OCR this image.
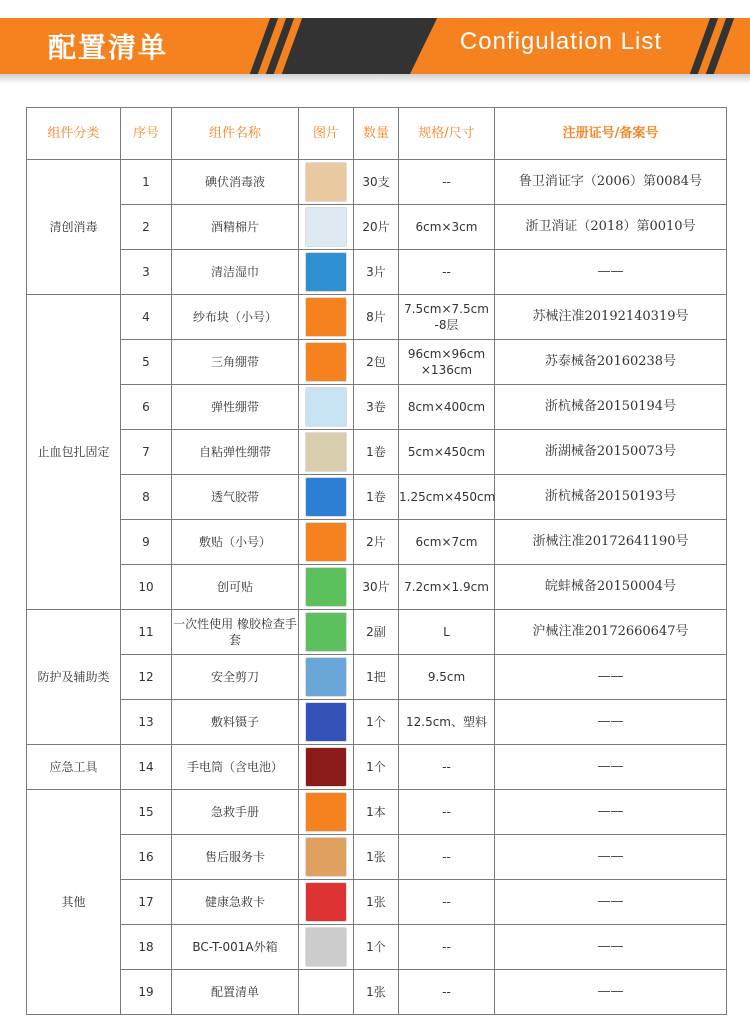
配置清单	Configulation List
组件分类	序号	组件名称	图片	数量	规格/尺寸	注册证号/备案号
清创消毒	1	碘伏消毒液		30支	--	鲁卫消证字（2006）第0084号
	2	酒精棉片		20片	6cm×3cm	浙卫消证（2018）第0010号
	3	清洁湿巾		3片	--	——
止血包扎固定	4	纱布块（小号）		8片	7.5cm×7.5cm -8层	苏械注准20192140319号
	5	三角绷带		2包	96cm×96cm ×136cm	苏泰械备20160238号
	6	弹性绷带		3卷	8cm×400cm	浙杭械备20150194号
	7	自粘弹性绷带		1卷	5cm×450cm	浙湖械备20150073号
	8	透气胶带		1卷	1.25cm×450cm	浙杭械备20150193号
	9	敷贴（小号）		2片	6cm×7cm	浙械注准20172641190号
	10	创可贴		30片	7.2cm×1.9cm	皖蚌械备20150004号
防护及辅助类	11	一次性使用 橡胶检查手套		2副	L	沪械注准20172660647号
	12	安全剪刀		1把	9.5cm	——
	13	敷料镊子		1个	12.5cm、塑料	——
应急工具	14	手电筒（含电池）		1个	--	——
其他	15	急救手册		1本	--	——
	16	售后服务卡		1张	--	——
	17	健康急救卡		1张	--	——
	18	BC-T-001A外箱		1个	--	——
	19	配置清单		1张	--	——
